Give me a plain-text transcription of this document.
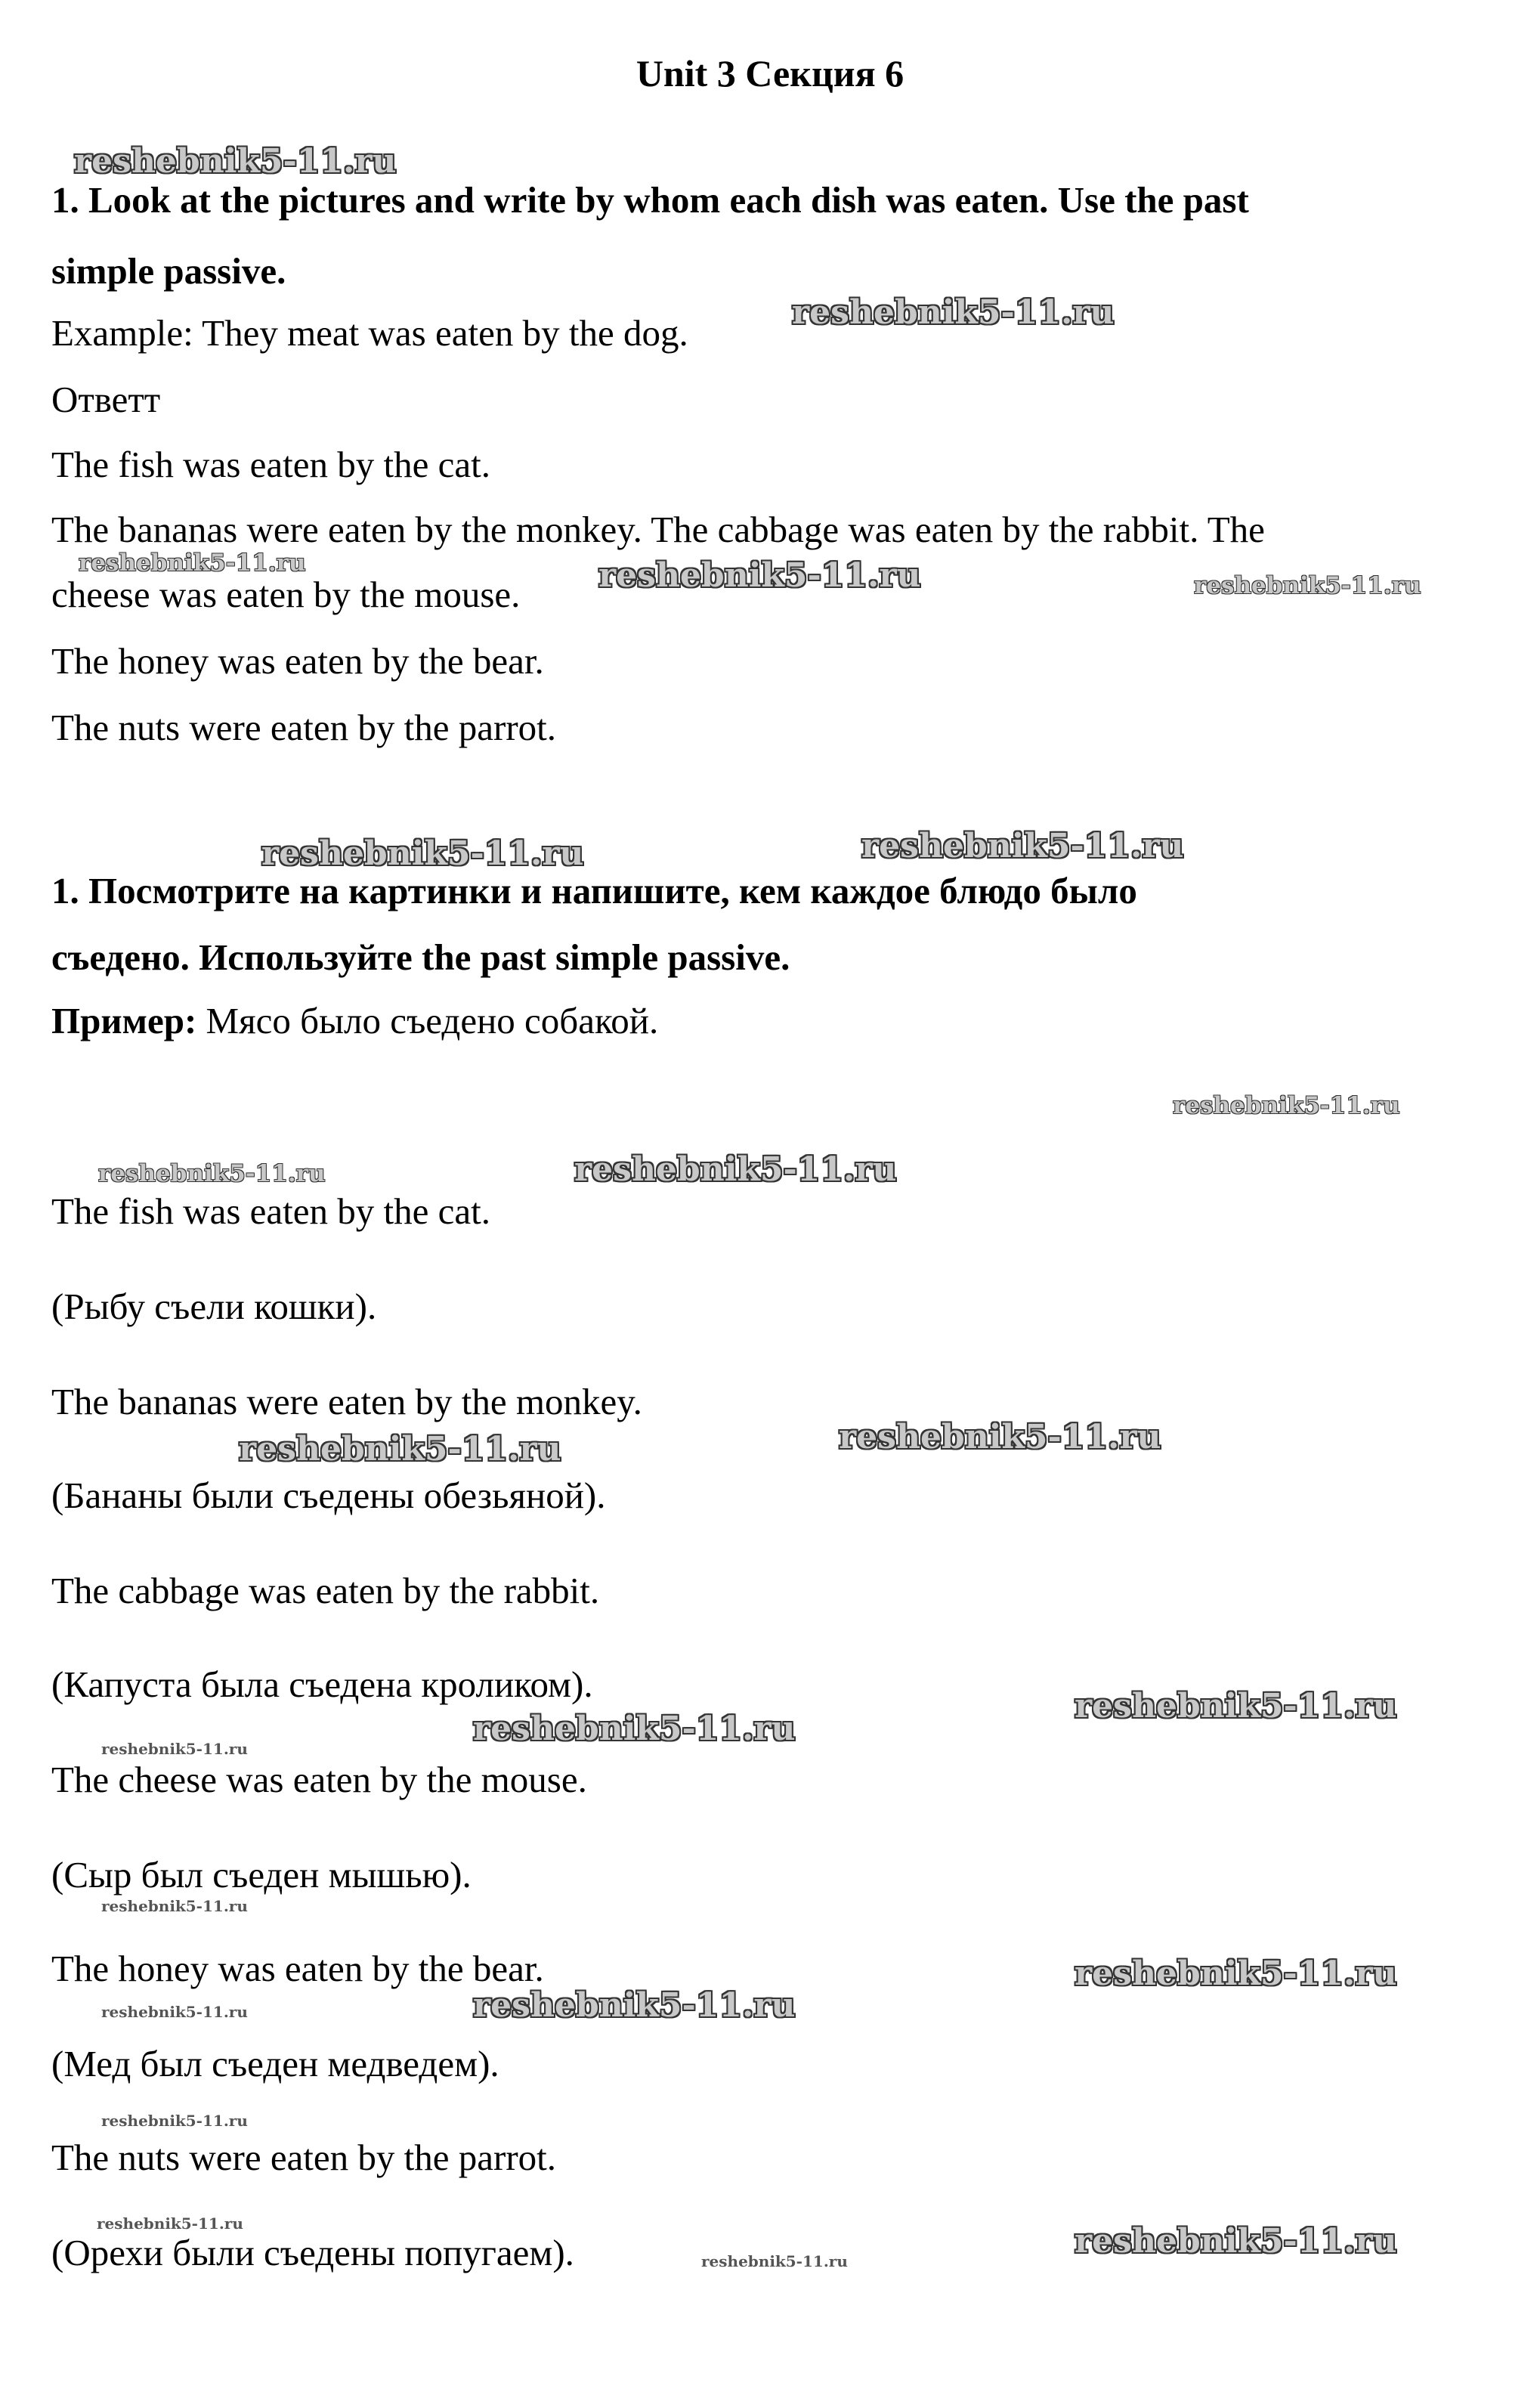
Unit 3 Секция 6
reshebnik5-11.ru
reshebnik5-11.ru
reshebnik5-11.ru	reshebnik5-11.ru	reshebnik5-11.ru
reshebnik5-11.ru	reshebnik5-11.ru
reshebnik5-11.ru
reshebnik5-11.ru	reshebnik5-11.ru
reshebnik5-11.ru
reshebnik5-11.ru
reshebnik5-11.ru
reshebnik5-11.ru
reshebnik5-11.ru
reshebnik5-11.ru
reshebnik5-11.ru
reshebnik5-11.ru
reshebnik5-11.ru
reshebnik5-11.ru
reshebnik5-11.ru	reshebnik5-11.ru
reshebnik5-11.ru
1. Look at the pictures and write by whom each dish was eaten. Use the past
simple passive.
Example: They meat was eaten by the dog.
Ответт
The fish was eaten by the cat.
The bananas were eaten by the monkey. The cabbage was eaten by the rabbit. The
cheese was eaten by the mouse.
The honey was eaten by the bear.
The nuts were eaten by the parrot.
1. Посмотрите на картинки и напишите, кем каждое блюдо было
съедено. Используйте the past simple passive.
Пример: Мясо было съедено собакой.
The fish was eaten by the cat.
(Рыбу съели кошки).
The bananas were eaten by the monkey.
(Бананы были съедены обезьяной).
The cabbage was eaten by the rabbit.
(Капуста была съедена кроликом).
The cheese was eaten by the mouse.
(Сыр был съеден мышью).
The honey was eaten by the bear.
(Мед был съеден медведем).
The nuts were eaten by the parrot.
(Орехи были съедены попугаем).
